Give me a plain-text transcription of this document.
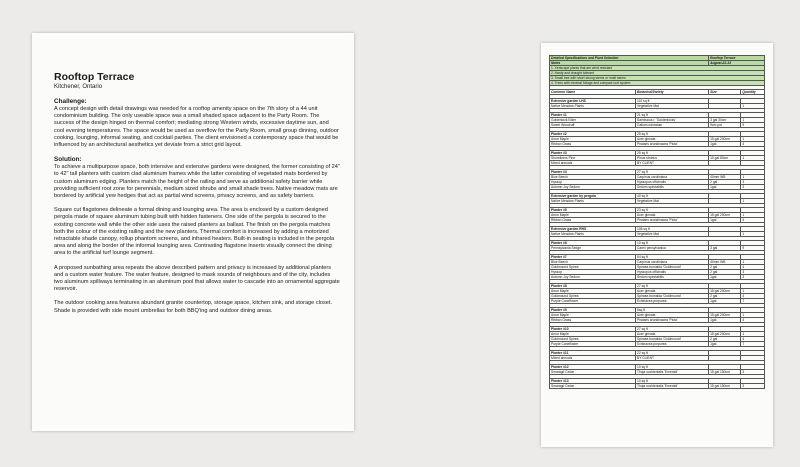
Rooftop Terrace
Kitchener, Ontario
Challenge:

A concept design with detail drawings was needed for a rooftop amenity space on the 7th story of a 44 unit condominium building. The only useable space was a small shaded space adjacent to the Party Room. The success of the design hinged on thermal comfort; mediating strong Western winds, excessive daytime sun, and cool evening temperatures. The space would be used as overflow for the Party Room, small group dinning, outdoor cooking, lounging, informal seating, and cocktail parties. The client envisioned a contemporary space that would be influenced by an architectural aesthetics yet deviate from a strict grid layout.

Solution:

To achieve a multipurpose space, both intensive and extensive gardens were designed, the former consisting of 24" to 42" tall planters with custom clad aluminum frames while the latter consisting of vegetated mats bordered by custom aluminum edging. Planters match the height of the railing and serve as additional safety barrier while providing sufficient root zone for perennials, medium sized shrubs and small shade trees. Native meadow mats are bordered by artificial yew hedges that act as partial wind screens, privacy screens, and as safety barriers.

Square cut flagstones delineate a formal dining and lounging area. The area is enclosed by a custom designed pergola made of square aluminum tubing built with hidden fasteners. One side of the pergola is secured to the existing concrete wall while the other side uses the raised planters as ballast. The finish on the pergola matches both the colour of the existing railing and the new planters. Thermal comfort is increased by adding a motorized retractable shade canopy, rollup phantom screens, and infrared heaters. Built-in seating is included in the pergola area and along the border of the informal lounging area. Contrasting flagstone inserts visually connect the dining area to the artificial turf lounge segment.

A proposed sunbathing area repeats the above described pattern and privacy is increased by additional planters and a custom water feature. The water feature, designed to mask sounds of neighbours and of the city, includes two aluminum spillways terminating in an aluminum pool that allows water to cascade into an ornamental aggregate reservoir.

The outdoor cooking area features abundant granite countertop, storage space, kitchen sink, and storage closet. Shade is provided with side mount umbrellas for both BBQ'ing and outdoor dining areas.

Detailed Specifications and Plant Selection		Rooftop Terrace	
Notes		August-22-13	
1. Xeriscape plants that are wind resistant			
2. Hardy and drought tolerant			
3. Small tree with short strong stems or multi stems			
4. Trees with minimal foliage and compact root system			

Common Name	Botanical/Variety	Size	Quantity

Extensive garden LHS	110 sq ft		
Native Meadow Plants	Vegetative Mat		1

Planter #1	21 sq ft		
Goldenlock Elder	Sambucus r. 'Goldenlocks'	3 gal 30cm	1
Sweet Woodruff	Galium odoratum	9cm pot	9

Planter #2	25 sq ft		
Amur Maple	Acer ginnala	15 gal 200cm	1
Ribbon Grass	Phalaris arundinacea 'Picta'	1gal	4

Planter #3	25 sq ft		
Shoreliners Pine	Pinus strobus	10 gal 80cm	1
Mixed annuals	BY CLIENT		

Planter #4	27 sq ft		
Blue Beech	Carpinus caroliniana	40mm WB	1
Hyssop	Hyssopus officinalis	2 gal	3
Autumn Joy Sedum	Sedum spectabilis	1gal	3

Extensive garden by pergola	40 sq ft		
Native Meadow Plants	Vegetative Mat		1

Planter #5	23 sq ft		
Amur Maple	Acer ginnala	15 gal 200cm	1
Ribbon Grass	Phalaris arundinacea 'Picta'	1gal	4

Extensive garden RHS	106 sq ft		
Native Meadow Plants	Vegetative Mat		1

Planter #6	10 sq ft		
Pennsylvania Sedge	Carex pensylvanica	3 gal	9

Planter #7	64 sq ft		
Blue Beech	Carpinus caroliniana	40mm WB	1
Goldmound Spirea	Spiraea bumalda 'Goldmound'	2 gal	4
Hyssop	Hyssopus officinalis	2 gal	3
Autumn Joy Sedum	Sedum spectabilis	1gal	3

Planter #8	27 sq ft		
Amur Maple	Acer ginnala	15 gal 200cm	1
Goldmound Spirea	Spiraea bumalda 'Goldmound'	2 gal	4
Purple Coneflower	Echinacea purpurea	1gal	7

Planter #9	6sq ft		
Amur Maple	Acer ginnala	15 gal 200cm	1
Ribbon Grass	Phalaris arundinacea 'Picta'	1gal	4

Planter #10	27 sq ft		
Amur Maple	Acer ginnala	15 gal 200cm	1
Goldmound Spirea	Spiraea bumalda 'Goldmound'	2 gal	4
Purple Coneflower	Echinacea purpurea	1gal	7

Planter #11	22 sq ft		
Mixed annuals	BY CLIENT		

Planter #12	10 sq ft		
Smaragd Cedar	Thuja occidentalis 'Emerald'	15 gal 150cm	3

Planter #13	10 sq ft		
Smaragd Cedar	Thuja occidentalis 'Emerald'	15 gal 150cm	3
